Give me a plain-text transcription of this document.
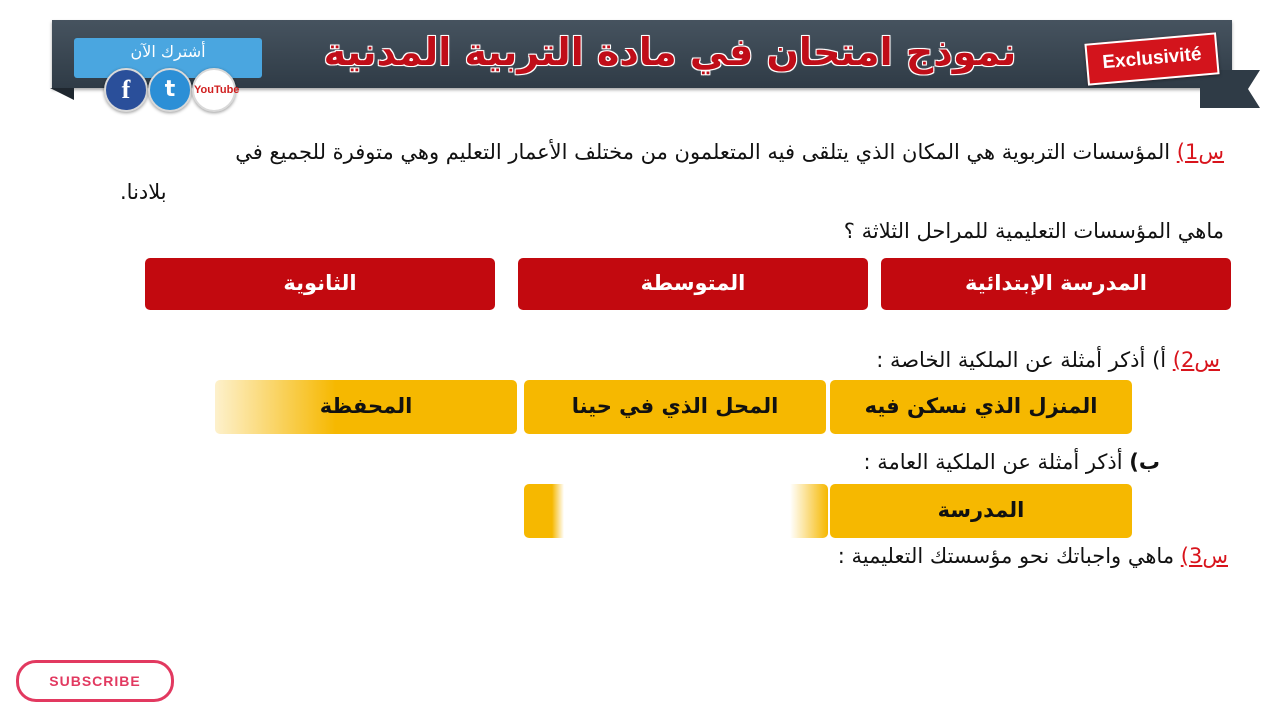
نموذج امتحان في مادة التربية المدنية	Exclusivité
أشترك الآن
f	t	YouTube
س1) المؤسسات التربوية هي المكان الذي يتلقى فيه المتعلمون من مختلف الأعمار التعليم وهي متوفرة للجميع في
بلادنا.
ماهي المؤسسات التعليمية للمراحل الثلاثة ؟
المدرسة الإبتدائية
المتوسطة
الثانوية
س2) أ) أذكر أمثلة عن الملكية الخاصة :
المنزل الذي نسكن فيه
المحل الذي في حينا
المحفظة
ب) أذكر أمثلة عن الملكية العامة :
المدرسة
س3) ماهي واجباتك نحو مؤسستك التعليمية :
SUBSCRIBE
